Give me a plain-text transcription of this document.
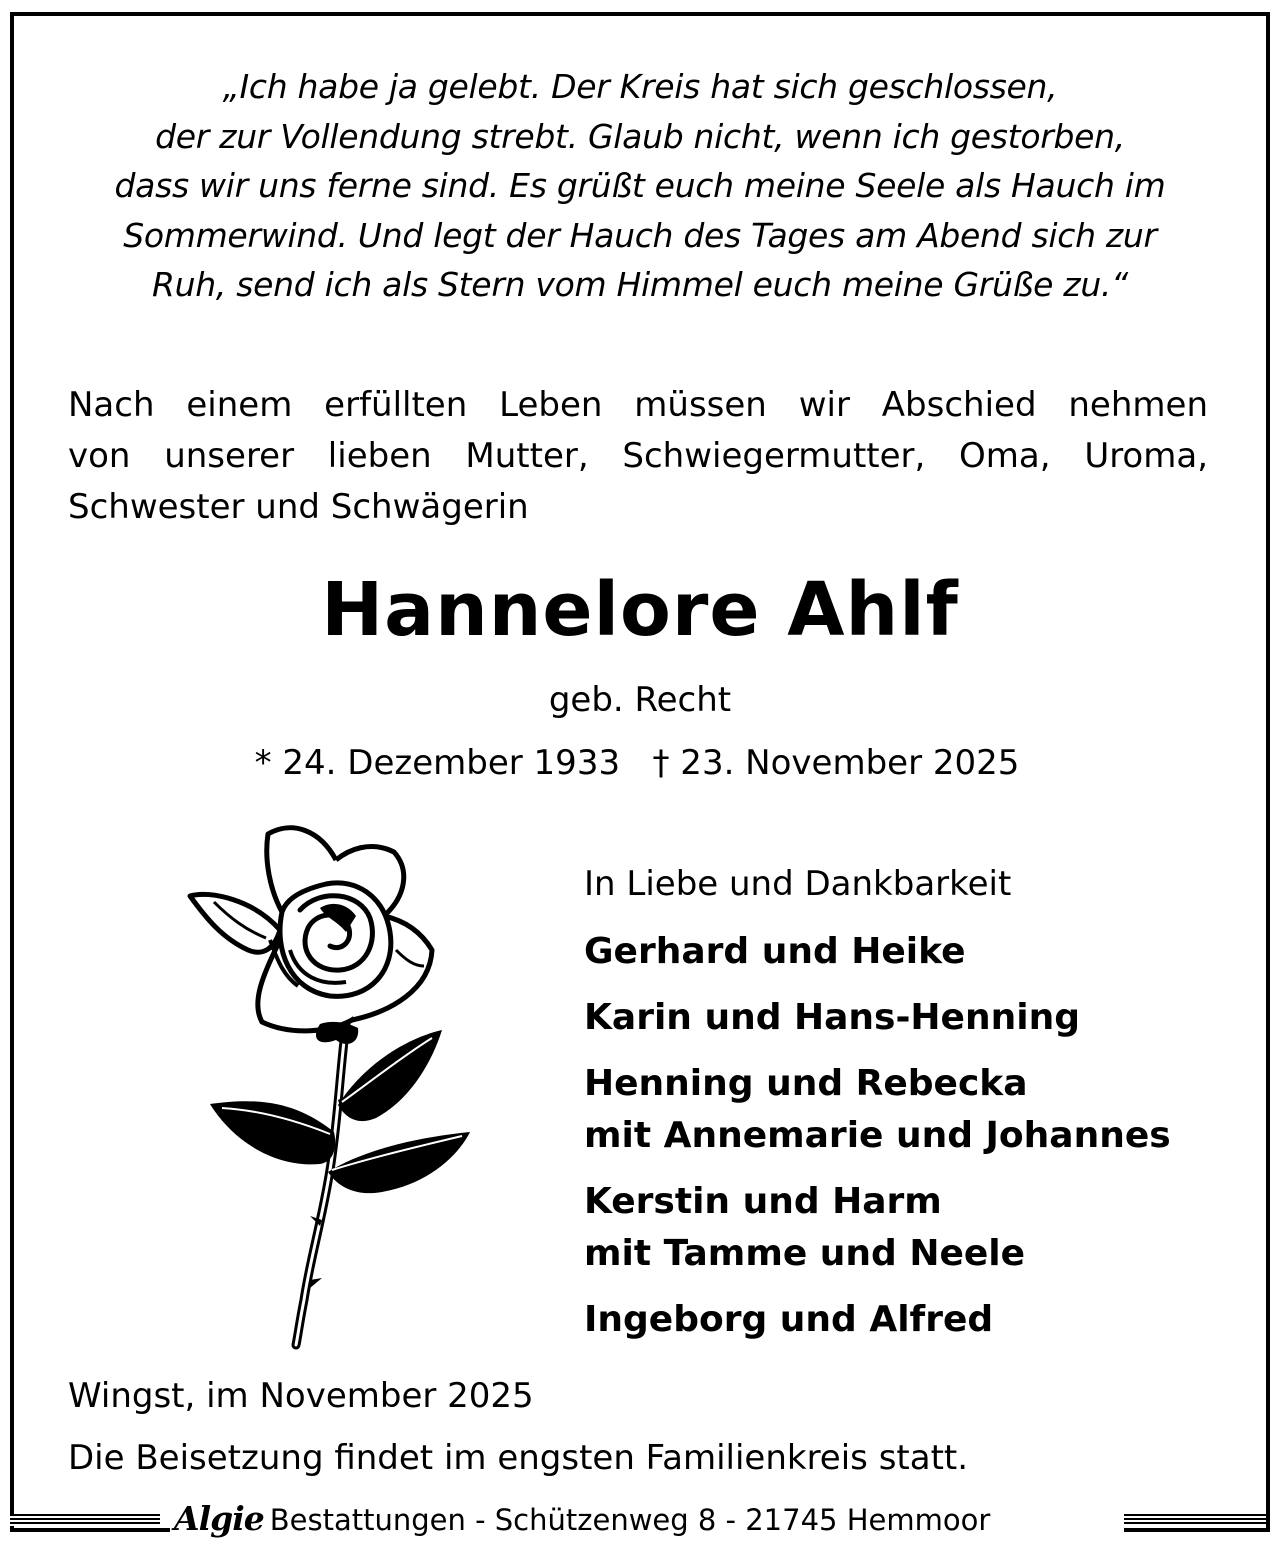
„Ich habe ja gelebt. Der Kreis hat sich geschlossen,
der zur Vollendung strebt. Glaub nicht, wenn ich gestorben,
dass wir uns ferne sind. Es grüßt euch meine Seele als Hauch im
Sommerwind. Und legt der Hauch des Tages am Abend sich zur
Ruh, send ich als Stern vom Himmel euch meine Grüße zu.“
Nach einem erfüllten Leben müssen wir Abschied nehmen
von unserer lieben Mutter, Schwiegermutter, Oma, Uroma,
Schwester und Schwägerin
Hannelore Ahlf
geb. Recht
* 24. Dezember 1933   † 23. November 2025
In Liebe und Dankbarkeit
Gerhard und Heike
Karin und Hans-Henning
Henning und Rebecka
mit Annemarie und Johannes
Kerstin und Harm
mit Tamme und Neele
Ingeborg und Alfred
Wingst, im November 2025
Die Beisetzung findet im engsten Familienkreis statt.
Algie Bestattungen - Schützenweg 8 - 21745 Hemmoor
